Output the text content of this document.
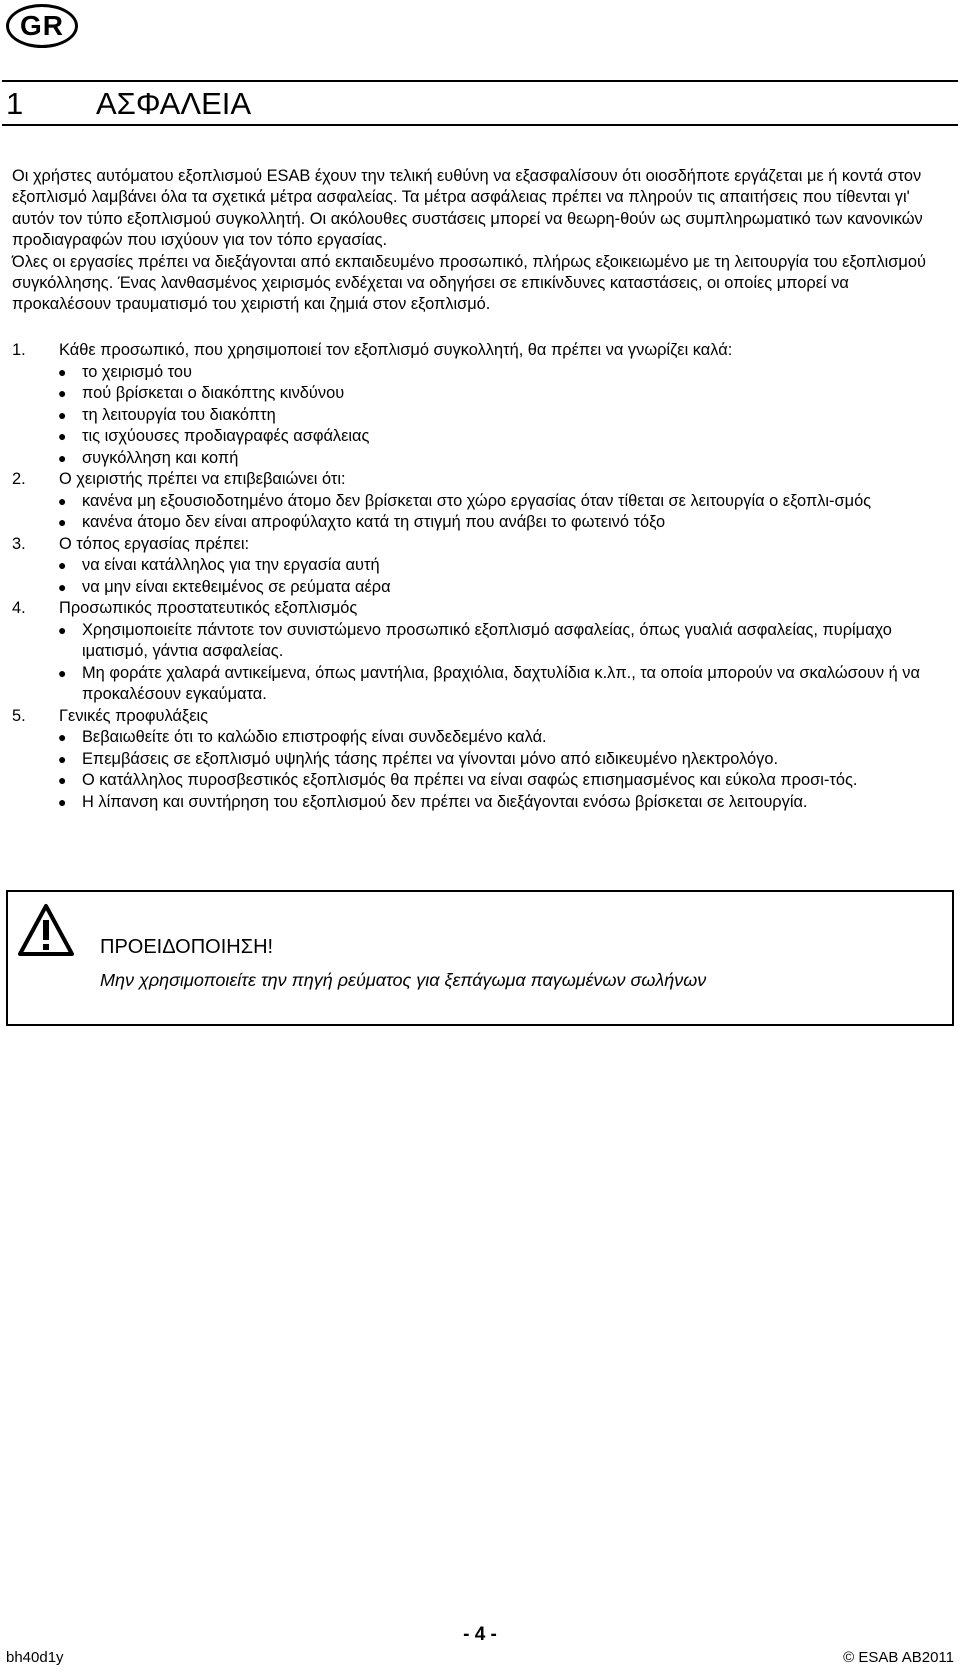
GR
1 ΑΣΦΑΛΕΙΑ

Οι χρήστες αυτόματου εξοπλισμού ESAB έχουν την τελική ευθύνη να εξασφαλίσουν ότι οιοσδήποτε εργάζεται με ή κοντά στον εξοπλισμό λαμβάνει όλα τα σχετικά μέτρα ασφαλείας. Τα μέτρα ασφάλειας πρέπει να πληρούν τις απαιτήσεις που τίθενται γι' αυτόν τον τύπο εξοπλισμού συγκολλητή. Οι ακόλουθες συστάσεις μπορεί να θεωρη-θούν ως συμπληρωματικό των κανονικών προδιαγραφών που ισχύουν για τον τόπο εργασίας.

Όλες οι εργασίες πρέπει να διεξάγονται από εκπαιδευμένο προσωπικό, πλήρως εξοικειωμένο με τη λειτουργία του εξοπλισμού συγκόλλησης. Ένας λανθασμένος χειρισμός ενδέχεται να οδηγήσει σε επικίνδυνες καταστάσεις, οι οποίες μπορεί να προκαλέσουν τραυματισμό του χειριστή και ζημιά στον εξοπλισμό.

1. Κάθε προσωπικό, που χρησιμοποιεί τον εξοπλισμό συγκολλητή, θα πρέπει να γνωρίζει καλά:
● το χειρισμό του
● πού βρίσκεται ο διακόπτης κινδύνου
● τη λειτουργία του διακόπτη
● τις ισχύουσες προδιαγραφές ασφάλειας
● συγκόλληση και κοπή
2. Ο χειριστής πρέπει να επιβεβαιώνει ότι:
● κανένα μη εξουσιοδοτημένο άτομο δεν βρίσκεται στο χώρο εργασίας όταν τίθεται σε λειτουργία ο εξοπλι-σμός
● κανένα άτομο δεν είναι απροφύλαχτο κατά τη στιγμή που ανάβει το φωτεινό τόξο
3. Ο τόπος εργασίας πρέπει:
● να είναι κατάλληλος για την εργασία αυτή
● να μην είναι εκτεθειμένος σε ρεύματα αέρα
4. Προσωπικός προστατευτικός εξοπλισμός
● Χρησιμοποιείτε πάντοτε τον συνιστώμενο προσωπικό εξοπλισμό ασφαλείας, όπως γυαλιά ασφαλείας, πυρίμαχο ιματισμό, γάντια ασφαλείας.
● Μη φοράτε χαλαρά αντικείμενα, όπως μαντήλια, βραχιόλια, δαχτυλίδια κ.λπ., τα οποία μπορούν να σκαλώσουν ή να προκαλέσουν εγκαύματα.
5. Γενικές προφυλάξεις
● Βεβαιωθείτε ότι το καλώδιο επιστροφής είναι συνδεδεμένο καλά.
● Επεμβάσεις σε εξοπλισμό υψηλής τάσης πρέπει να γίνονται μόνο από ειδικευμένο ηλεκτρολόγο.
● Ο κατάλληλος πυροσβεστικός εξοπλισμός θα πρέπει να είναι σαφώς επισημασμένος και εύκολα προσι-τός.
● Η λίπανση και συντήρηση του εξοπλισμού δεν πρέπει να διεξάγονται ενόσω βρίσκεται σε λειτουργία.
ΠΡΟΕΙΔΟΠΟΙΗΣΗ!
Μην χρησιμοποιείτε την πηγή ρεύματος για ξεπάγωμα παγωμένων σωλήνων
- 4 -
bh40d1y	© ESAB AB2011
